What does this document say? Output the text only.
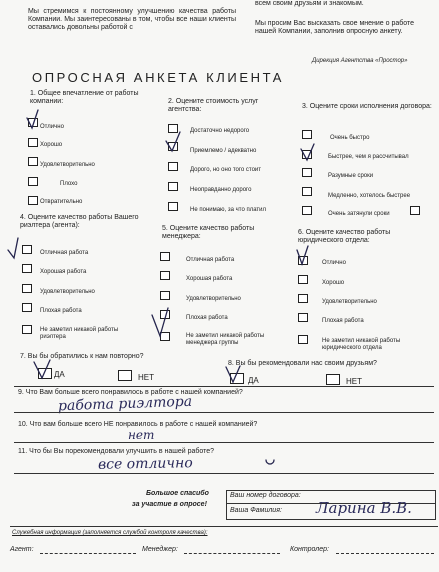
Мы стремимся к постоянному улучшению качества работы Компании. Мы заинтересованы в том, чтобы все наши клиенты оставались довольны работой с
всем своим друзьям и знакомым.
Мы просим Вас высказать свое мнение о работе нашей Компании, заполнив опросную анкету.
Дирекция Агентства «Простор»
ОПРОСНАЯ АНКЕТА КЛИЕНТА
1. Общее впечатление от работы компании:	2. Оцените стоимость услуг агентства:	3. Оцените сроки исполнения договора:
Отлично
Хорошо
Удовлетворительно
Плохо
Отвратительно
Достаточно недорого
Приемлемо / адекватно
Дорого, но оно того стоит
Неоправданно дорого
Не понимаю, за что платил
Очень быстро
Быстрее, чем я рассчитывал
Разумные сроки
Медленно, хотелось быстрее
Очень затянули сроки
4. Оцените качество работы Вашего риэлтера (агента):	5. Оцените качество работы менеджера:
6. Оцените качество работы юридического отдела:
Отличная работа
Хорошая работа
Удовлетворительно
Плохая работа
Не заметил никакой работы риэлтера
Отличная работа
Хорошая работа
Удовлетворительно
Плохая работа
Не заметил никакой работы менеджера группы
Отлично
Хорошо
Удовлетворительно
Плохая работа
Не заметил никакой работы юридического отдела
7. Вы бы обратились к нам повторно?
ДА	НЕТ
8. Вы бы рекомендовали нас своим друзьям?
ДА	НЕТ
9. Что Вам больше всего понравилось в работе с нашей компанией?
работа риэлтора
10. Что вам больше всего НЕ понравилось в работе с нашей компанией?
нет
11. Что бы Вы порекомендовали улучшить в нашей работе?
все отлично
Большое спасибо
за участие в опросе!
Ваш номер договора:
Ваша Фамилия: Ларина В.В.
Служебная информация (заполняется службой контроля качества):
Агент:	Менеджер:	Контролер:
